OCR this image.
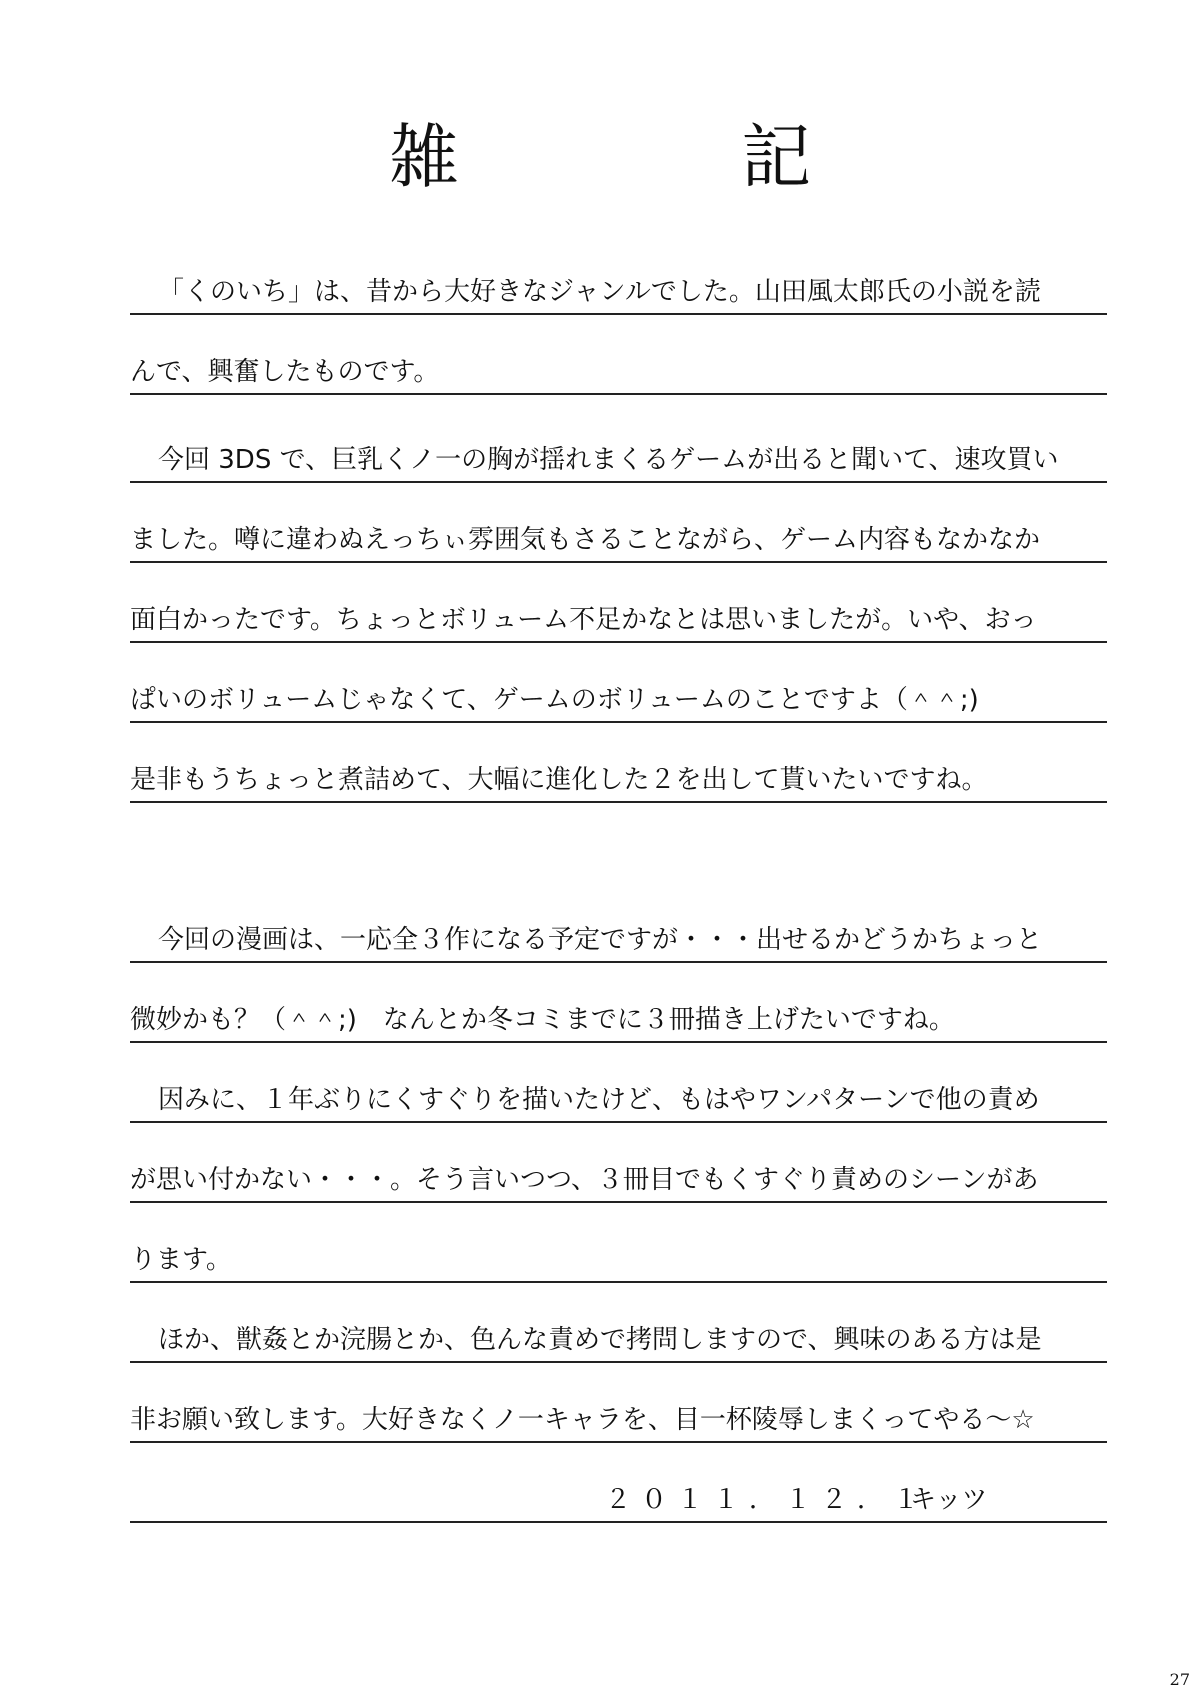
雑 記
「くのいち」は、昔から大好きなジャンルでした。山田風太郎氏の小説を読
んで、興奮したものです。
今回 3DS で、巨乳くノ一の胸が揺れまくるゲームが出ると聞いて、速攻買い
ました。噂に違わぬえっちぃ雰囲気もさることながら、ゲーム内容もなかなか
面白かったです。ちょっとボリューム不足かなとは思いましたが。いや、おっ
ぱいのボリュームじゃなくて、ゲームのボリュームのことですよ（＾＾;)
是非もうちょっと煮詰めて、大幅に進化した２を出して貰いたいですね。
今回の漫画は、一応全３作になる予定ですが・・・出せるかどうかちょっと
微妙かも？（＾＾;)　なんとか冬コミまでに３冊描き上げたいですね。
因みに、１年ぶりにくすぐりを描いたけど、もはやワンパターンで他の責め
が思い付かない・・・。そう言いつつ、３冊目でもくすぐり責めのシーンがあ
ります。
ほか、獣姦とか浣腸とか、色んな責めで拷問しますので、興味のある方は是
非お願い致します。大好きなくノ一キャラを、目一杯陵辱しまくってやる～☆
２０１１．１２．１
キッツ
27
